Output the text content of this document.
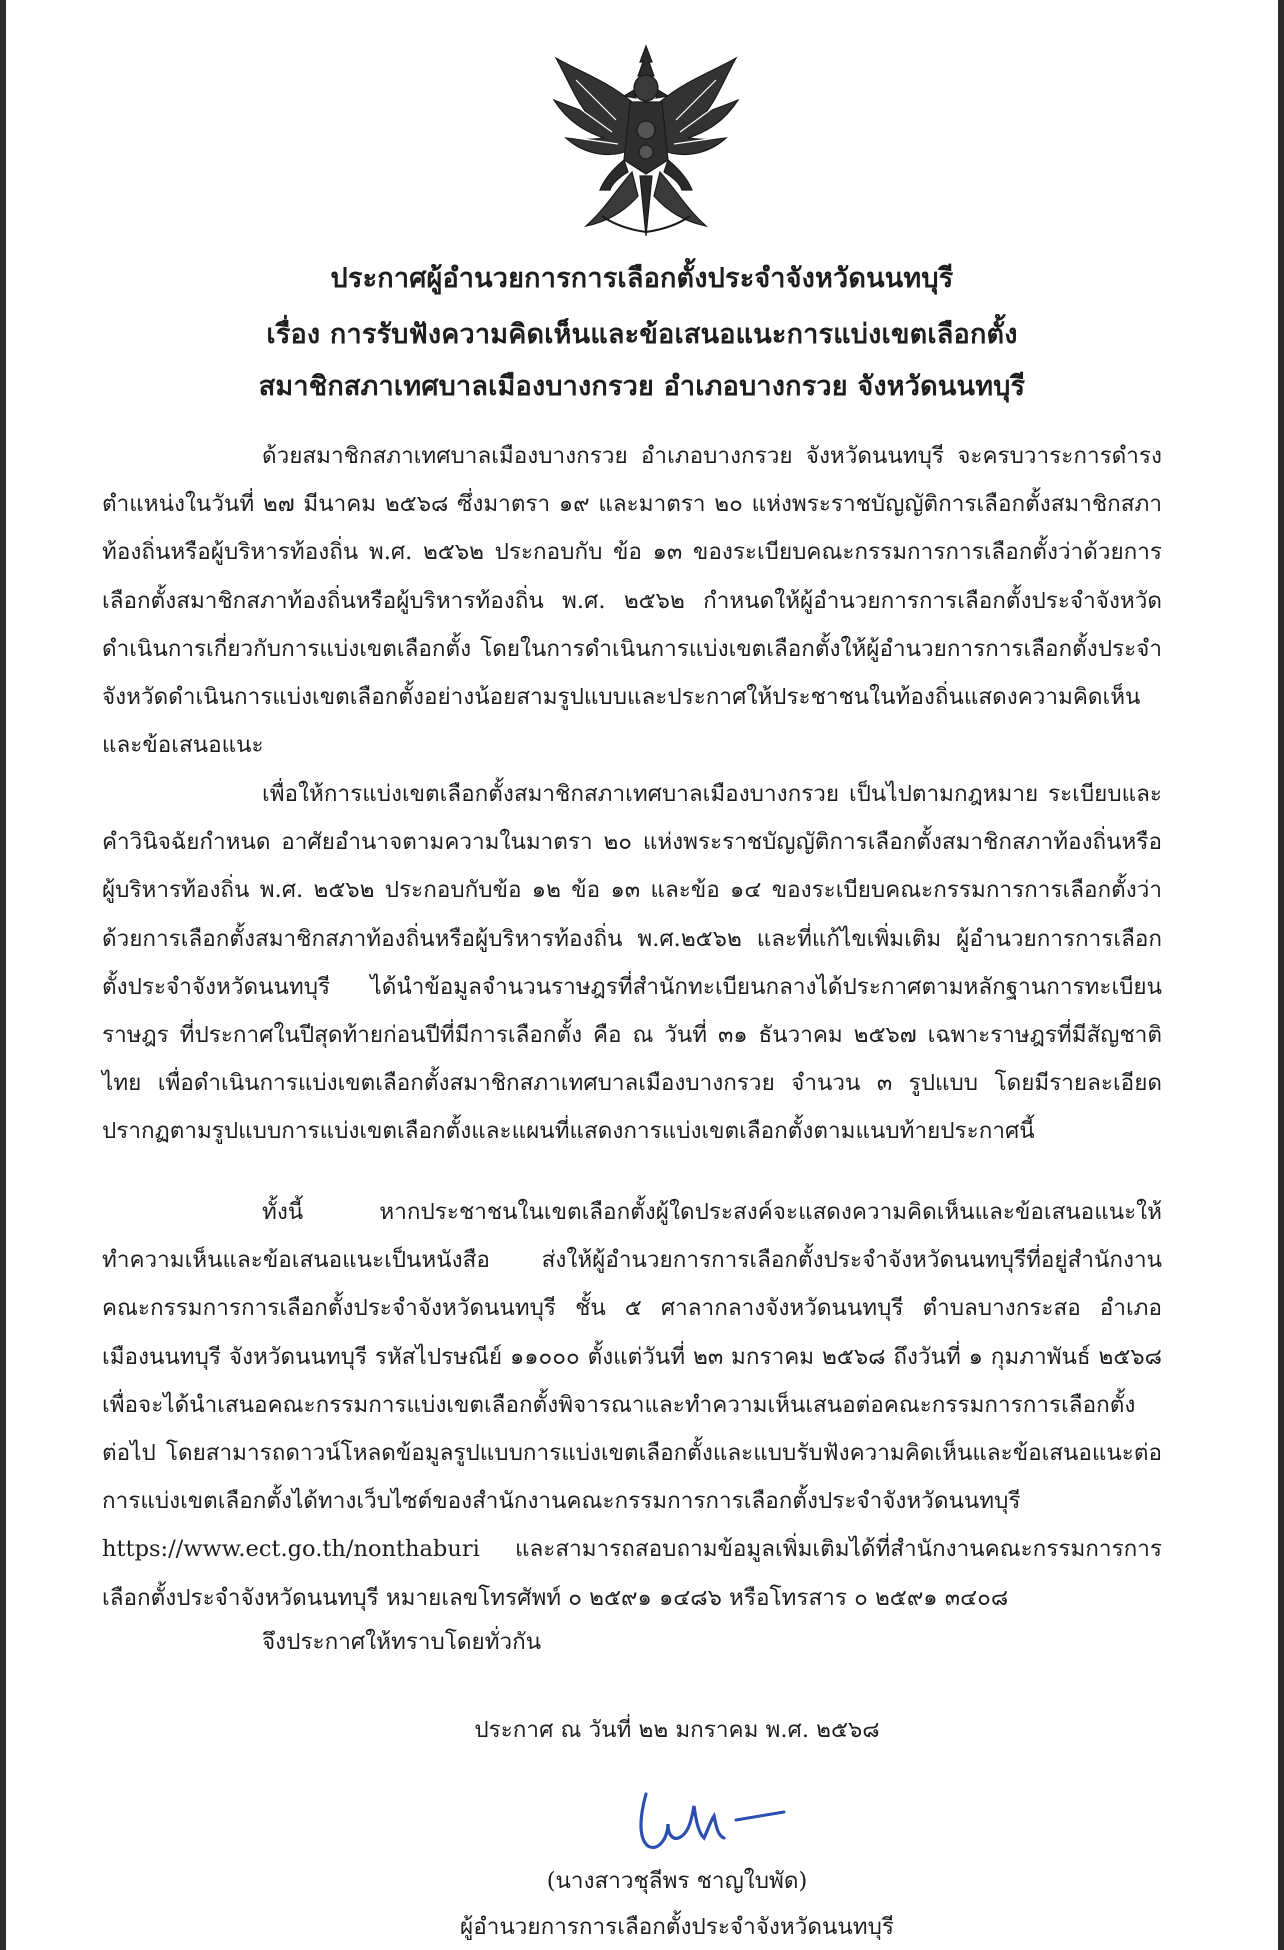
ประกาศผู้อำนวยการการเลือกตั้งประจำจังหวัดนนทบุรี
เรื่อง การรับฟังความคิดเห็นและข้อเสนอแนะการแบ่งเขตเลือกตั้ง
สมาชิกสภาเทศบาลเมืองบางกรวย อำเภอบางกรวย จังหวัดนนทบุรี
ด้วยสมาชิกสภาเทศบาลเมืองบางกรวย อำเภอบางกรวย จังหวัดนนทบุรี จะครบวาระการดำรงตำแหน่งในวันที่ ๒๗ มีนาคม ๒๕๖๘ ซึ่งมาตรา ๑๙ และมาตรา ๒๐ แห่งพระราชบัญญัติการเลือกตั้งสมาชิกสภาท้องถิ่นหรือผู้บริหารท้องถิ่น พ.ศ. ๒๕๖๒ ประกอบกับ ข้อ ๑๓ ของระเบียบคณะกรรมการการเลือกตั้งว่าด้วยการเลือกตั้งสมาชิกสภาท้องถิ่นหรือผู้บริหารท้องถิ่น พ.ศ. ๒๕๖๒ กำหนดให้ผู้อำนวยการการเลือกตั้งประจำจังหวัดดำเนินการเกี่ยวกับการแบ่งเขตเลือกตั้ง โดยในการดำเนินการแบ่งเขตเลือกตั้งให้ผู้อำนวยการการเลือกตั้งประจำจังหวัดดำเนินการแบ่งเขตเลือกตั้งอย่างน้อยสามรูปแบบและประกาศให้ประชาชนในท้องถิ่นแสดงความคิดเห็นและข้อเสนอแนะ
เพื่อให้การแบ่งเขตเลือกตั้งสมาชิกสภาเทศบาลเมืองบางกรวย เป็นไปตามกฎหมาย ระเบียบและคำวินิจฉัยกำหนด อาศัยอำนาจตามความในมาตรา ๒๐ แห่งพระราชบัญญัติการเลือกตั้งสมาชิกสภาท้องถิ่นหรือผู้บริหารท้องถิ่น พ.ศ. ๒๕๖๒ ประกอบกับข้อ ๑๒ ข้อ ๑๓ และข้อ ๑๔ ของระเบียบคณะกรรมการการเลือกตั้งว่าด้วยการเลือกตั้งสมาชิกสภาท้องถิ่นหรือผู้บริหารท้องถิ่น พ.ศ.๒๕๖๒ และที่แก้ไขเพิ่มเติม ผู้อำนวยการการเลือกตั้งประจำจังหวัดนนทบุรี ได้นำข้อมูลจำนวนราษฎรที่สำนักทะเบียนกลางได้ประกาศตามหลักฐานการทะเบียนราษฎร ที่ประกาศในปีสุดท้ายก่อนปีที่มีการเลือกตั้ง คือ ณ วันที่ ๓๑ ธันวาคม ๒๕๖๗ เฉพาะราษฎรที่มีสัญชาติไทย เพื่อดำเนินการแบ่งเขตเลือกตั้งสมาชิกสภาเทศบาลเมืองบางกรวย จำนวน ๓ รูปแบบ โดยมีรายละเอียดปรากฏตามรูปแบบการแบ่งเขตเลือกตั้งและแผนที่แสดงการแบ่งเขตเลือกตั้งตามแนบท้ายประกาศนี้
ทั้งนี้ หากประชาชนในเขตเลือกตั้งผู้ใดประสงค์จะแสดงความคิดเห็นและข้อเสนอแนะให้ทำความเห็นและข้อเสนอแนะเป็นหนังสือ ส่งให้ผู้อำนวยการการเลือกตั้งประจำจังหวัดนนทบุรีที่อยู่สำนักงานคณะกรรมการการเลือกตั้งประจำจังหวัดนนทบุรี ชั้น ๕ ศาลากลางจังหวัดนนทบุรี ตำบลบางกระสอ อำเภอเมืองนนทบุรี จังหวัดนนทบุรี รหัสไปรษณีย์ ๑๑๐๐๐ ตั้งแต่วันที่ ๒๓ มกราคม ๒๕๖๘ ถึงวันที่ ๑ กุมภาพันธ์ ๒๕๖๘ เพื่อจะได้นำเสนอคณะกรรมการแบ่งเขตเลือกตั้งพิจารณาและทำความเห็นเสนอต่อคณะกรรมการการเลือกตั้งต่อไป โดยสามารถดาวน์โหลดข้อมูลรูปแบบการแบ่งเขตเลือกตั้งและแบบรับฟังความคิดเห็นและข้อเสนอแนะต่อการแบ่งเขตเลือกตั้งได้ทางเว็บไซต์ของสำนักงานคณะกรรมการการเลือกตั้งประจำจังหวัดนนทบุรี https://www.ect.go.th/nonthaburi และสามารถสอบถามข้อมูลเพิ่มเติมได้ที่สำนักงานคณะกรรมการการเลือกตั้งประจำจังหวัดนนทบุรี หมายเลขโทรศัพท์ ๐ ๒๕๙๑ ๑๔๘๖ หรือโทรสาร ๐ ๒๕๙๑ ๓๔๐๘
จึงประกาศให้ทราบโดยทั่วกัน
ประกาศ ณ วันที่ ๒๒ มกราคม พ.ศ. ๒๕๖๘
(นางสาวชุลีพร ชาญใบพัด)
ผู้อำนวยการการเลือกตั้งประจำจังหวัดนนทบุรี
